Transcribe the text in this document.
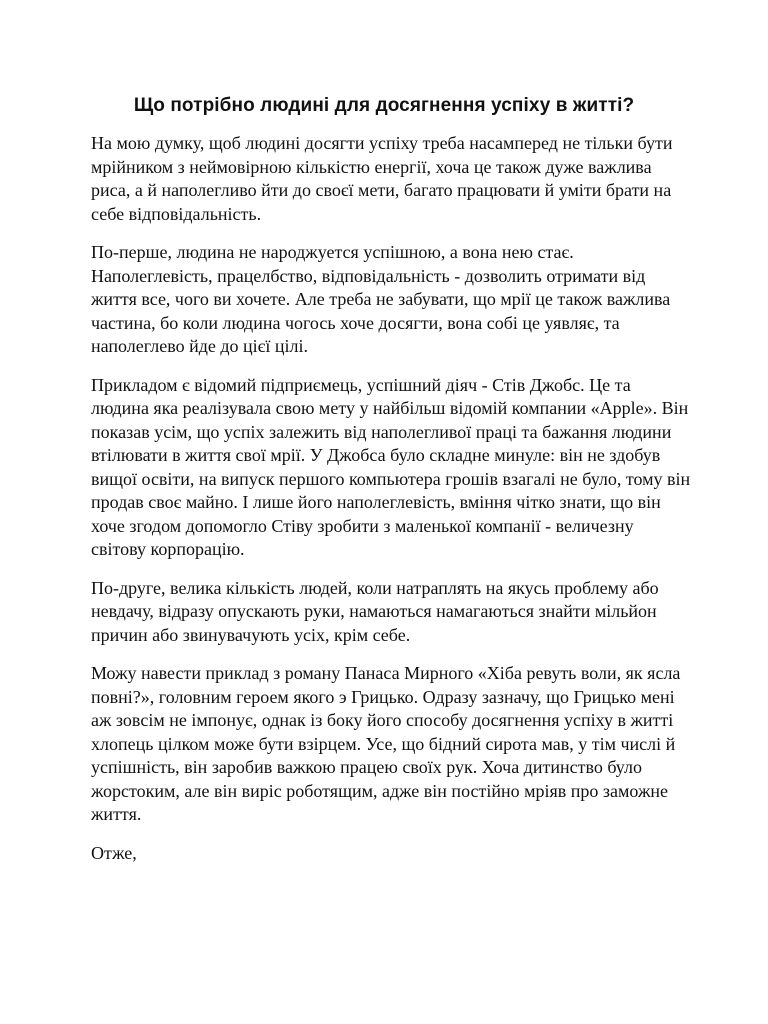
Що потрібно людині для досягнення успіху в житті?

На мою думку, щоб людині досягти успіху треба насамперед не тільки бути
мрійником з неймовірною кількістю енергії, хоча це також дуже важлива
риса, а й наполегливо йти до своєї мети, багато працювати й уміти брати на
себе відповідальність.

По-перше, людина не народжуется успішною, а вона нею стає.
Наполеглевість, працелбство, відповідальність - дозволить отримати від
життя все, чого ви хочете. Але треба не забувати, що мрії це також важлива
частина, бо коли людина чогось хоче досягти, вона собі це уявляє, та
наполеглево йде до цієї цілі.

Прикладом є відомий підприємець, успішний діяч - Стів Джобс. Це та
людина яка реалізувала свою мету у найбільш відомій компании «Apple». Він
показав усім, що успіх залежить від наполегливої праці та бажання людини
втілювати в життя свої мрії. У Джобса було складне минуле: він не здобув
вищої освіти, на випуск першого компьютера грошів взагалі не було, тому він
продав своє майно. І лише його наполеглевість, вміння чітко знати, що він
хоче згодом допомогло Стіву зробити з маленької компанії - величезну
світову корпорацію.

По-друге, велика кількість людей, коли натраплять на якусь проблему або
невдачу, відразу опускають руки, намаються намагаються знайти мільйон
причин або звинувачують усіх, крім себе.

Можу навести приклад з роману Панаса Мирного «Хіба ревуть воли, як ясла
повні?», головним героем якого э Грицько. Одразу зазначу, що Грицько мені
аж зовсім не імпонує, однак із боку його способу досягнення успіху в житті
хлопець цілком може бути взірцем. Усе, що бідний сирота мав, у тім числі й
успішність, він заробив важкою працею своїх рук. Хоча дитинство було
жорстоким, але він виріс роботящим, адже він постійно мріяв про заможне
життя.

Отже,
